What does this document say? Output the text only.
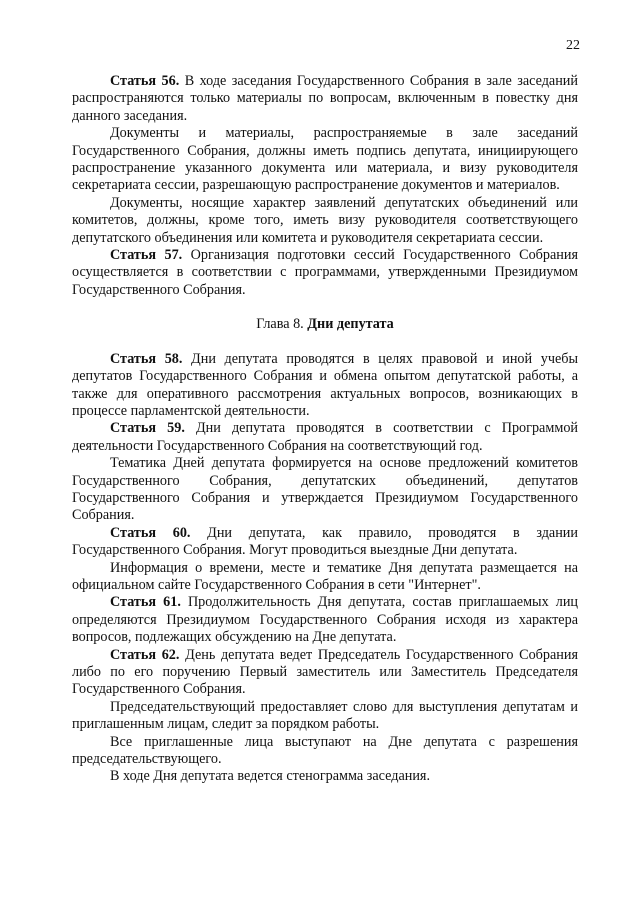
22

Статья 56. В ходе заседания Государственного Собрания в зале заседаний распространяются только материалы по вопросам, включенным в повестку дня данного заседания.

Документы и материалы, распространяемые в зале заседаний Государственного Собрания, должны иметь подпись депутата, инициирующего распространение указанного документа или материала, и визу руководителя секретариата сессии, разрешающую распространение документов и материалов.

Документы, носящие характер заявлений депутатских объединений или комитетов, должны, кроме того, иметь визу руководителя соответствующего депутатского объединения или комитета и руководителя секретариата сессии.

Статья 57. Организация подготовки сессий Государственного Собрания осуществляется в соответствии с программами, утвержденными Президиумом Государственного Собрания.

Глава 8. Дни депутата

Статья 58. Дни депутата проводятся в целях правовой и иной учебы депутатов Государственного Собрания и обмена опытом депутатской работы, а также для оперативного рассмотрения актуальных вопросов, возникающих в процессе парламентской деятельности.

Статья 59. Дни депутата проводятся в соответствии с Программой деятельности Государственного Собрания на соответствующий год.

Тематика Дней депутата формируется на основе предложений комитетов Государственного Собрания, депутатских объединений, депутатов Государственного Собрания и утверждается Президиумом Государственного Собрания.

Статья 60. Дни депутата, как правило, проводятся в здании Государственного Собрания. Могут проводиться выездные Дни депутата.

Информация о времени, месте и тематике Дня депутата размещается на официальном сайте Государственного Собрания в сети "Интернет".

Статья 61. Продолжительность Дня депутата, состав приглашаемых лиц определяются Президиумом Государственного Собрания исходя из характера вопросов, подлежащих обсуждению на Дне депутата.

Статья 62. День депутата ведет Председатель Государственного Собрания либо по его поручению Первый заместитель или Заместитель Председателя Государственного Собрания.

Председательствующий предоставляет слово для выступления депутатам и приглашенным лицам, следит за порядком работы.

Все приглашенные лица выступают на Дне депутата с разрешения председательствующего.

В ходе Дня депутата ведется стенограмма заседания.
